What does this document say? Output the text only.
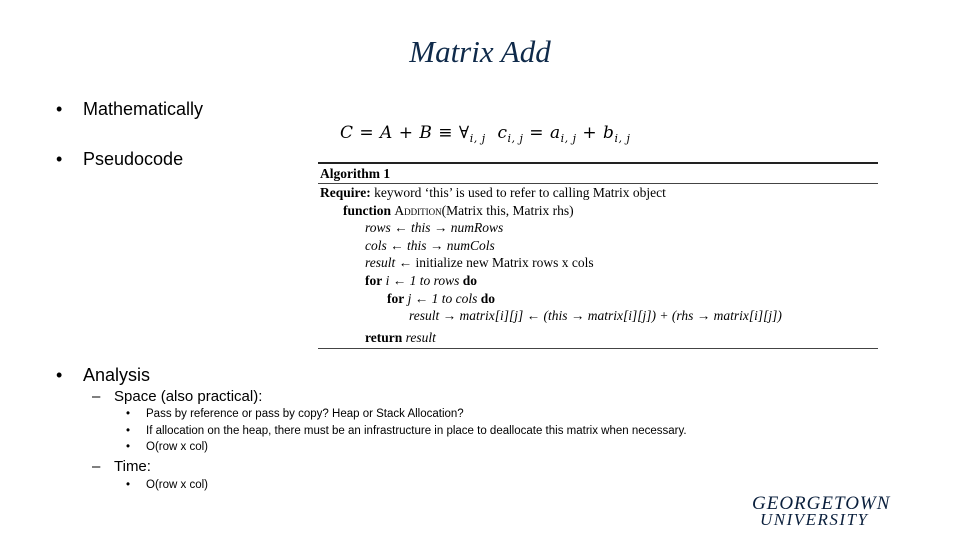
Matrix Add
• Mathematically
$C = A + B \equiv \forall_{i, j}$ $c_{i, j} = a_{i, j} + b_{i, j}$
• Pseudocode
Algorithm 1
Require: keyword ‘this’ is used to refer to calling Matrix object
function Addition(Matrix this, Matrix rhs)
rows ← this → numRows
cols ← this → numCols
result ← initialize new Matrix rows x cols
for i ← 1 to rows do
for j ← 1 to cols do
result → matrix[i][j] ← (this → matrix[i][j]) + (rhs → matrix[i][j])
return result
• Analysis
– Space (also practical):
• Pass by reference or pass by copy? Heap or Stack Allocation?
• If allocation on the heap, there must be an infrastructure in place to deallocate this matrix when necessary.
• O(row x col)
– Time:
• O(row x col)
GEORGETOWN
UNIVERSITY
